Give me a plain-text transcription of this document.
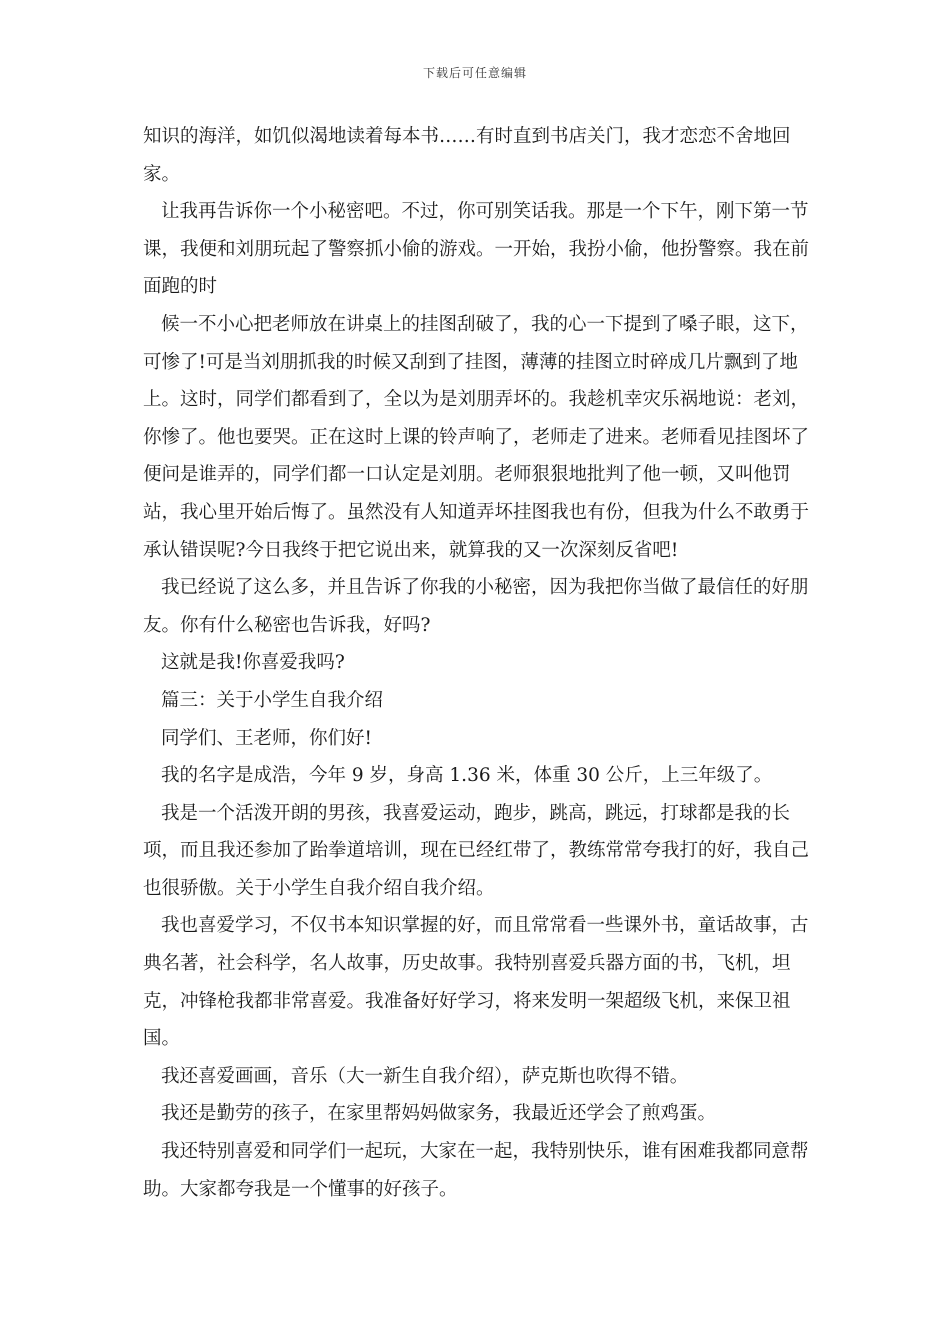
下载后可任意编辑

知识的海洋，如饥似渴地读着每本书……有时直到书店关门，我才恋恋不舍地回家。

让我再告诉你一个小秘密吧。不过，你可别笑话我。那是一个下午，刚下第一节课，我便和刘朋玩起了警察抓小偷的游戏。一开始，我扮小偷，他扮警察。我在前面跑的时

候一不小心把老师放在讲桌上的挂图刮破了，我的心一下提到了嗓子眼，这下，可惨了!可是当刘朋抓我的时候又刮到了挂图，薄薄的挂图立时碎成几片飘到了地上。这时，同学们都看到了，全以为是刘朋弄坏的。我趁机幸灾乐祸地说：老刘，你惨了。他也要哭。正在这时上课的铃声响了，老师走了进来。老师看见挂图坏了便问是谁弄的，同学们都一口认定是刘朋。老师狠狠地批判了他一顿，又叫他罚站，我心里开始后悔了。虽然没有人知道弄坏挂图我也有份，但我为什么不敢勇于承认错误呢?今日我终于把它说出来，就算我的又一次深刻反省吧!

我已经说了这么多，并且告诉了你我的小秘密，因为我把你当做了最信任的好朋友。你有什么秘密也告诉我，好吗?

这就是我!你喜爱我吗?

篇三：关于小学生自我介绍

同学们、王老师，你们好!

我的名字是成浩，今年 9 岁，身高 1.36 米，体重 30 公斤，上三年级了。

我是一个活泼开朗的男孩，我喜爱运动，跑步，跳高，跳远，打球都是我的长项，而且我还参加了跆拳道培训，现在已经红带了，教练常常夸我打的好，我自己也很骄傲。关于小学生自我介绍自我介绍。

我也喜爱学习，不仅书本知识掌握的好，而且常常看一些课外书，童话故事，古典名著，社会科学，名人故事，历史故事。我特别喜爱兵器方面的书，飞机，坦克，冲锋枪我都非常喜爱。我准备好好学习，将来发明一架超级飞机，来保卫祖国。

我还喜爱画画，音乐（大一新生自我介绍），萨克斯也吹得不错。

我还是勤劳的孩子，在家里帮妈妈做家务，我最近还学会了煎鸡蛋。

我还特别喜爱和同学们一起玩，大家在一起，我特别快乐，谁有困难我都同意帮助。大家都夸我是一个懂事的好孩子。
